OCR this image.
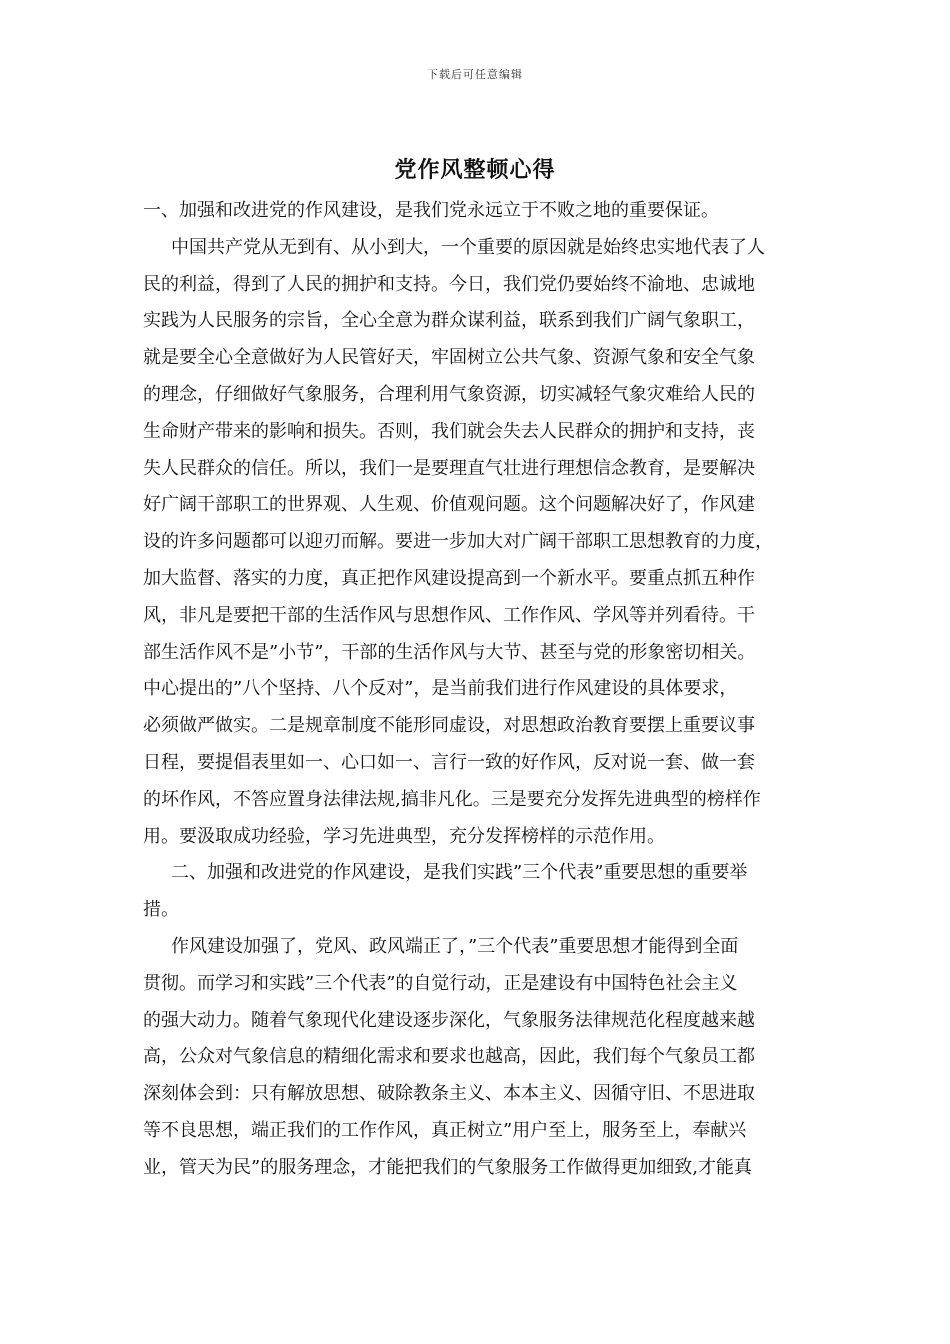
下载后可任意编辑
党作风整顿心得
一、加强和改进党的作风建设，是我们党永远立于不败之地的重要保证。
中国共产党从无到有、从小到大，一个重要的原因就是始终忠实地代表了人
民的利益，得到了人民的拥护和支持。今日，我们党仍要始终不渝地、忠诚地
实践为人民服务的宗旨，全心全意为群众谋利益，联系到我们广阔气象职工，
就是要全心全意做好为人民管好天，牢固树立公共气象、资源气象和安全气象
的理念，仔细做好气象服务，合理利用气象资源，切实减轻气象灾难给人民的
生命财产带来的影响和损失。否则，我们就会失去人民群众的拥护和支持，丧
失人民群众的信任。所以，我们一是要理直气壮进行理想信念教育，是要解决
好广阔干部职工的世界观、人生观、价值观问题。这个问题解决好了，作风建
设的许多问题都可以迎刃而解。要进一步加大对广阔干部职工思想教育的力度，
加大监督、落实的力度，真正把作风建设提高到一个新水平。要重点抓五种作
风，非凡是要把干部的生活作风与思想作风、工作作风、学风等并列看待。干
部生活作风不是”小节”，干部的生活作风与大节、甚至与党的形象密切相关。
中心提出的”八个坚持、八个反对”，是当前我们进行作风建设的具体要求，
必须做严做实。二是规章制度不能形同虚设，对思想政治教育要摆上重要议事
日程，要提倡表里如一、心口如一、言行一致的好作风，反对说一套、做一套
的坏作风，不答应置身法律法规,搞非凡化。三是要充分发挥先进典型的榜样作
用。要汲取成功经验，学习先进典型，充分发挥榜样的示范作用。
二、加强和改进党的作风建设，是我们实践”三个代表”重要思想的重要举
措。
作风建设加强了，党风、政风端正了，”三个代表”重要思想才能得到全面
贯彻。而学习和实践”三个代表”的自觉行动，正是建设有中国特色社会主义
的强大动力。随着气象现代化建设逐步深化，气象服务法律规范化程度越来越
高，公众对气象信息的精细化需求和要求也越高，因此，我们每个气象员工都
深刻体会到：只有解放思想、破除教条主义、本本主义、因循守旧、不思进取
等不良思想，端正我们的工作作风，真正树立”用户至上，服务至上，奉献兴
业，管天为民”的服务理念，才能把我们的气象服务工作做得更加细致,才能真
